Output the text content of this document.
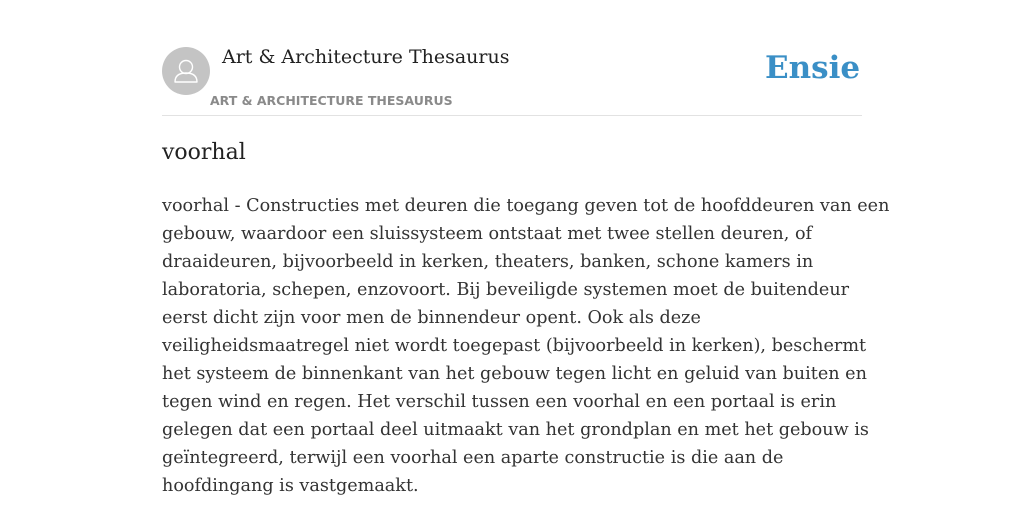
Art & Architecture Thesaurus
ART & ARCHITECTURE THESAURUS
Ensie
voorhal
voorhal - Constructies met deuren die toegang geven tot de hoofddeuren van een
gebouw, waardoor een sluissysteem ontstaat met twee stellen deuren, of
draaideuren, bijvoorbeeld in kerken, theaters, banken, schone kamers in
laboratoria, schepen, enzovoort. Bij beveiligde systemen moet de buitendeur
eerst dicht zijn voor men de binnendeur opent. Ook als deze
veiligheidsmaatregel niet wordt toegepast (bijvoorbeeld in kerken), beschermt
het systeem de binnenkant van het gebouw tegen licht en geluid van buiten en
tegen wind en regen. Het verschil tussen een voorhal en een portaal is erin
gelegen dat een portaal deel uitmaakt van het grondplan en met het gebouw is
geïntegreerd, terwijl een voorhal een aparte constructie is die aan de
hoofdingang is vastgemaakt.
